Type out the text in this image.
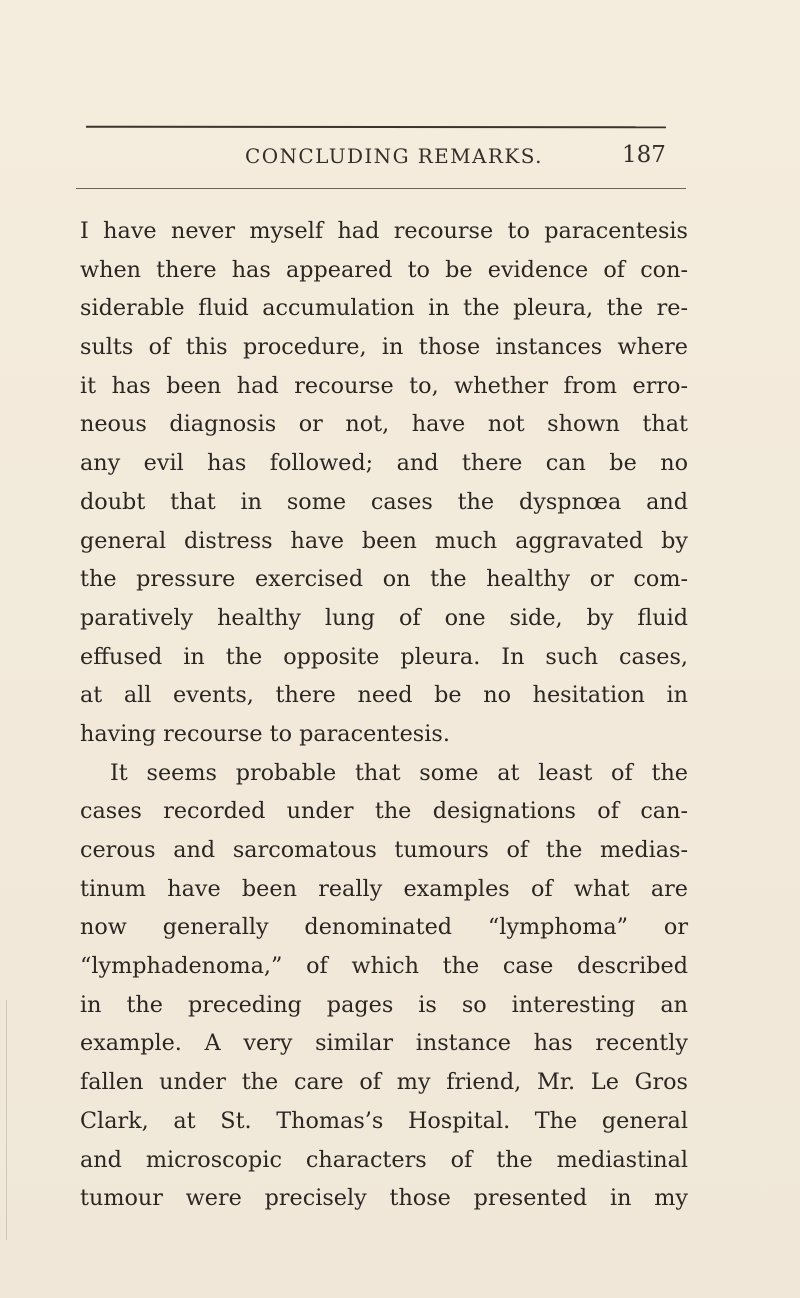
CONCLUDING REMARKS.	187
I have never myself had recourse to paracentesis
when there has appeared to be evidence of con-
siderable fluid accumulation in the pleura, the re-
sults of this procedure, in those instances where
it has been had recourse to, whether from erro-
neous diagnosis or not, have not shown that
any evil has followed; and there can be no
doubt that in some cases the dyspnœa and
general distress have been much aggravated by
the pressure exercised on the healthy or com-
paratively healthy lung of one side, by fluid
effused in the opposite pleura. In such cases,
at all events, there need be no hesitation in
having recourse to paracentesis.
It seems probable that some at least of the
cases recorded under the designations of can-
cerous and sarcomatous tumours of the medias-
tinum have been really examples of what are
now generally denominated “lymphoma” or
“lymphadenoma,” of which the case described
in the preceding pages is so interesting an
example. A very similar instance has recently
fallen under the care of my friend, Mr. Le Gros
Clark, at St. Thomas’s Hospital. The general
and microscopic characters of the mediastinal
tumour were precisely those presented in my
